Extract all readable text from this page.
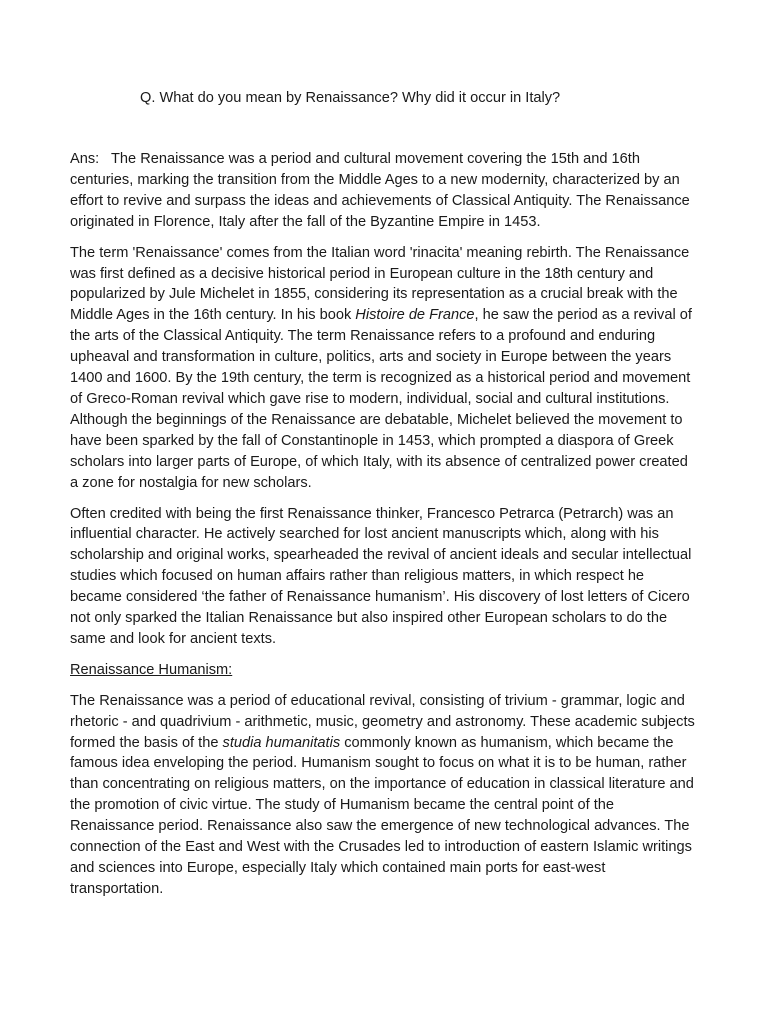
Q. What do you mean by Renaissance? Why did it occur in Italy?

Ans: The Renaissance was a period and cultural movement covering the 15th and 16th centuries, marking the transition from the Middle Ages to a new modernity, characterized by an effort to revive and surpass the ideas and achievements of Classical Antiquity. The Renaissance originated in Florence, Italy after the fall of the Byzantine Empire in 1453.

The term 'Renaissance' comes from the Italian word 'rinacita' meaning rebirth. The Renaissance was first defined as a decisive historical period in European culture in the 18th century and popularized by Jule Michelet in 1855, considering its representation as a crucial break with the Middle Ages in the 16th century. In his book Histoire de France, he saw the period as a revival of the arts of the Classical Antiquity. The term Renaissance refers to a profound and enduring upheaval and transformation in culture, politics, arts and society in Europe between the years 1400 and 1600. By the 19th century, the term is recognized as a historical period and movement of Greco-Roman revival which gave rise to modern, individual, social and cultural institutions. Although the beginnings of the Renaissance are debatable, Michelet believed the movement to have been sparked by the fall of Constantinople in 1453, which prompted a diaspora of Greek scholars into larger parts of Europe, of which Italy, with its absence of centralized power created a zone for nostalgia for new scholars.

Often credited with being the first Renaissance thinker, Francesco Petrarca (Petrarch) was an influential character. He actively searched for lost ancient manuscripts which, along with his scholarship and original works, spearheaded the revival of ancient ideals and secular intellectual studies which focused on human affairs rather than religious matters, in which respect he became considered ‘the father of Renaissance humanism’. His discovery of lost letters of Cicero not only sparked the Italian Renaissance but also inspired other European scholars to do the same and look for ancient texts.

Renaissance Humanism:

The Renaissance was a period of educational revival, consisting of trivium - grammar, logic and rhetoric - and quadrivium - arithmetic, music, geometry and astronomy. These academic subjects formed the basis of the studia humanitatis commonly known as humanism, which became the famous idea enveloping the period. Humanism sought to focus on what it is to be human, rather than concentrating on religious matters, on the importance of education in classical literature and the promotion of civic virtue. The study of Humanism became the central point of the Renaissance period. Renaissance also saw the emergence of new technological advances. The connection of the East and West with the Crusades led to introduction of eastern Islamic writings and sciences into Europe, especially Italy which contained main ports for east-west transportation.
